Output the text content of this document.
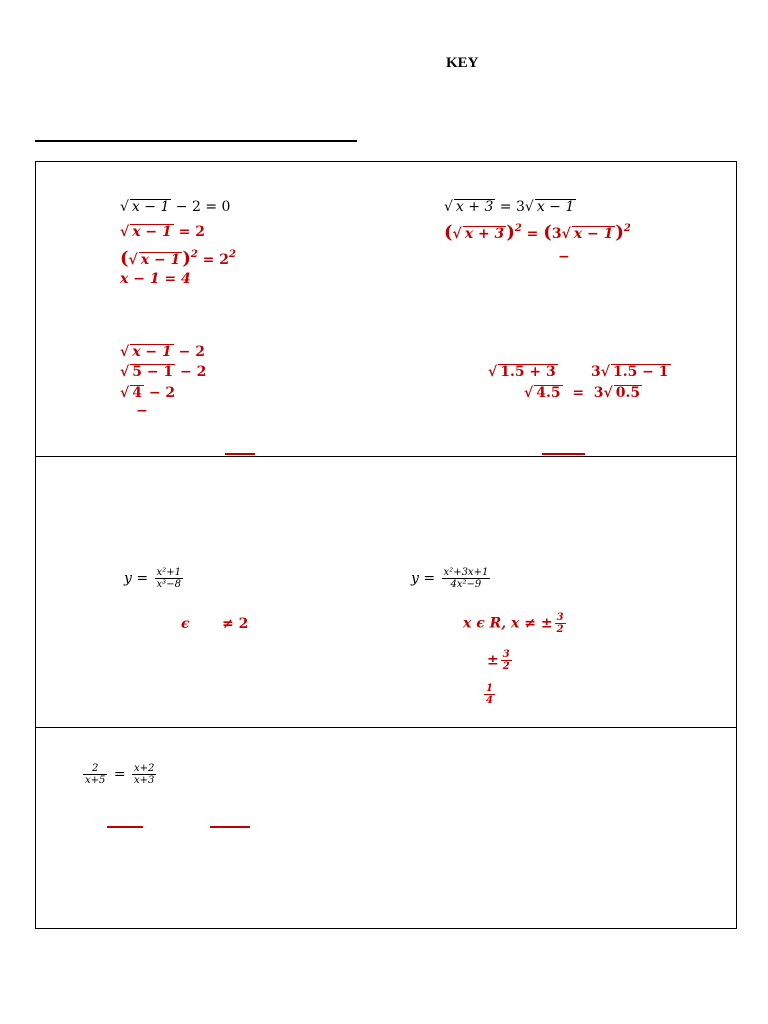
KEY
√ x − 1 − 2 = 0
√ x − 1 = 2
(√ x − 1 )$^2 = 2^2$
x − 1 = 4
√ x − 1 − 2
√ 5 − 1 − 2
√ 4 − 2
−
√ x + 3 = 3√ x − 1
(√ x + 3 )$^2$ = (3√ x − 1 )$^2$
−
√ 1.5 + 3	3√ 1.5 − 1
√ 4.5 = 3√ 0.5
$y = \frac{\text{x²+1}}{\text{x³−8}}$
ϵ ≠ 2
$y = \frac{\text{x²+3x+1}}{\text{4x²−9}}$
x ϵ R, x ≠ ± $\frac{3}{2}$
± $\frac{3}{2}$
$\frac{1}{4}$
$\frac{2}{x+5} = \frac{x+2}{x+3}$
